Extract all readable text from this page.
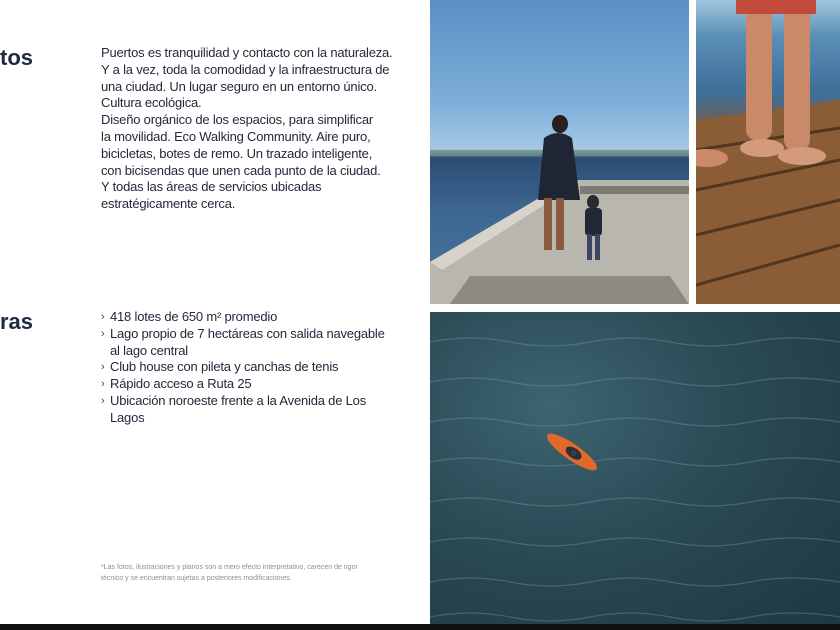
tos
ras

Puertos es tranquilidad y contacto con la naturaleza.

Y a la vez, toda la comodidad y la infraestructura de

una ciudad. Un lugar seguro en un entorno único.

Cultura ecológica.

Diseño orgánico de los espacios, para simplificar

la movilidad. Eco Walking Community. Aire puro,

bicicletas, botes de remo. Un trazado inteligente,

con bicisendas que unen cada punto de la ciudad.

Y todas las áreas de servicios ubicadas

estratégicamente cerca.

› 418 lotes de 650 m² promedio
› Lago propio de 7 hectáreas con salida navegable
al lago central
› Club house con pileta y canchas de tenis
› Rápido acceso a Ruta 25
› Ubicación noroeste frente a la Avenida de Los Lagos
*Las fotos, ilustraciones y planos son a mero efecto interpretativo, carecen de rigor
técnico y se encuentran sujetas a posteriores modificaciones.
